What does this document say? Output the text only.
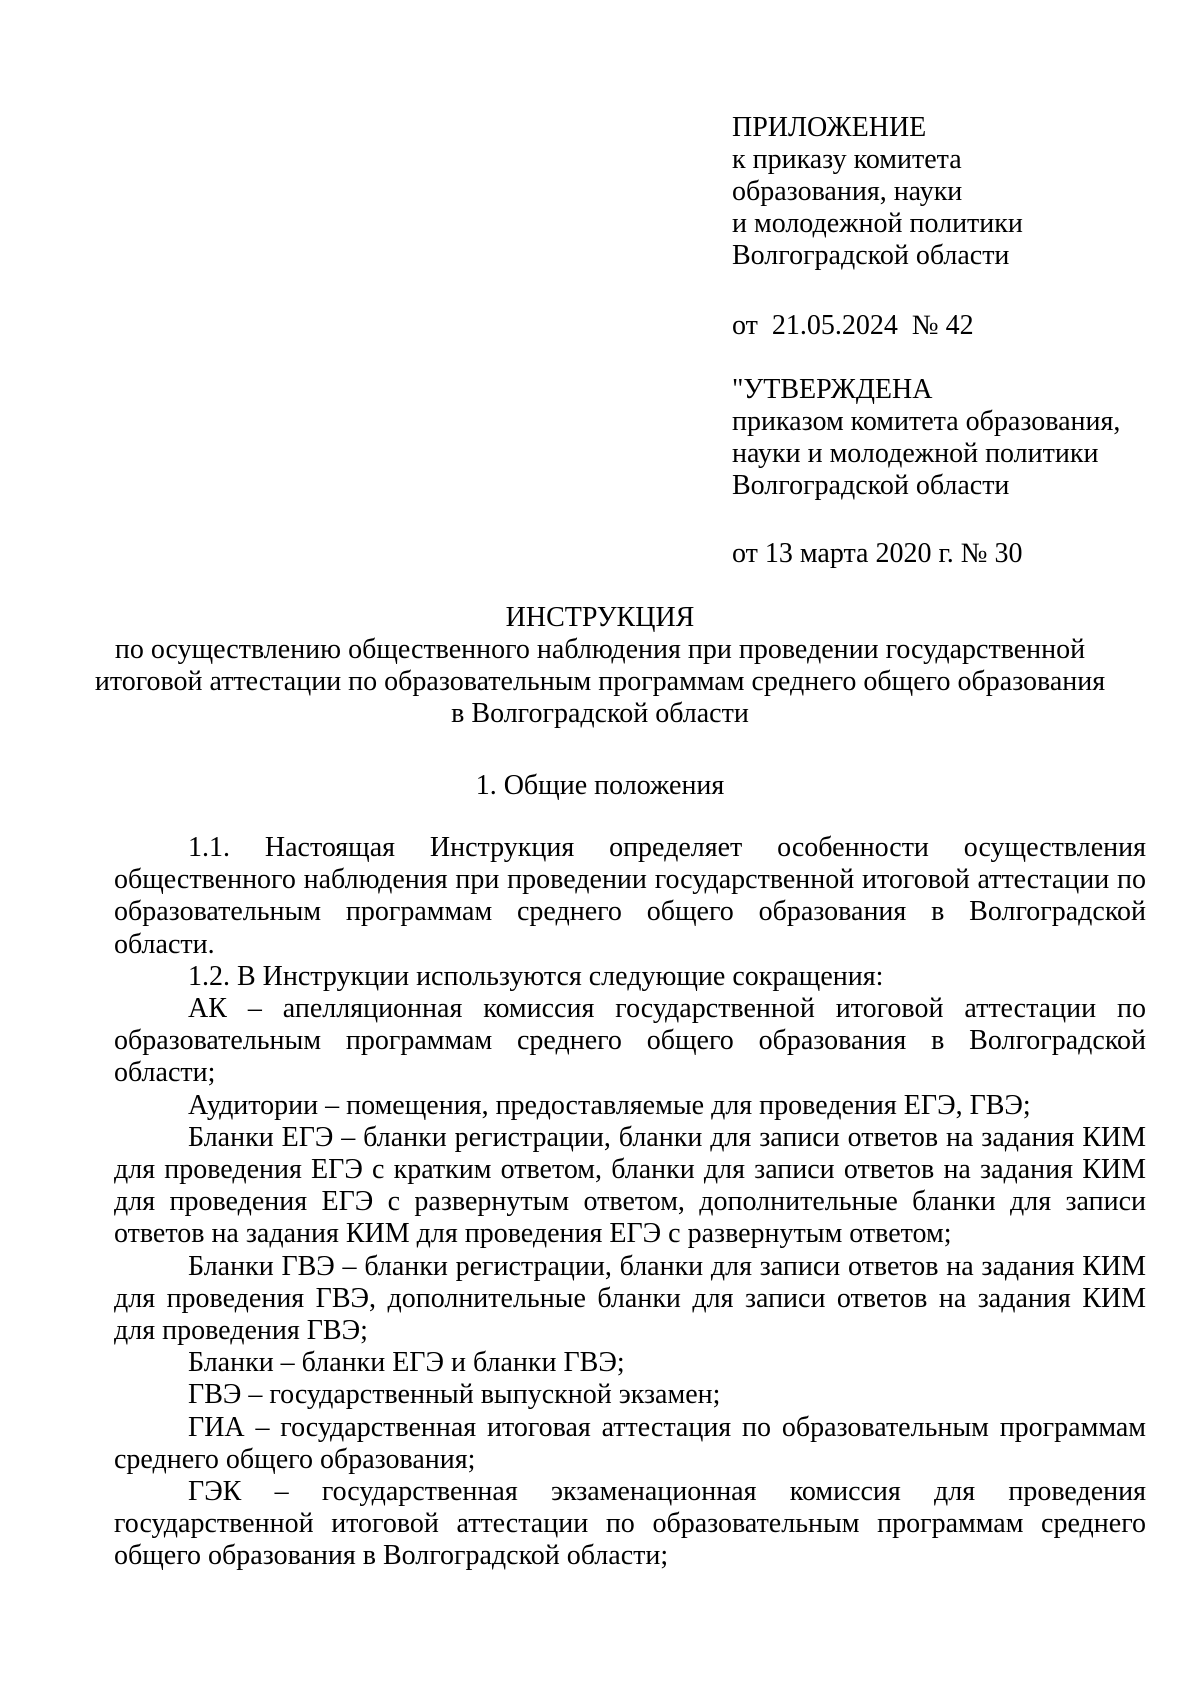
ПРИЛОЖЕНИЕ
к приказу комитета
образования, науки
и молодежной политики
Волгоградской области
от  21.05.2024  № 42
"УТВЕРЖДЕНА
приказом комитета образования,
науки и молодежной политики
Волгоградской области
от 13 марта 2020 г. № 30
ИНСТРУКЦИЯ
по осуществлению общественного наблюдения при проведении государственной
итоговой аттестации по образовательным программам среднего общего образования
в Волгоградской области
1. Общие положения

1.1. Настоящая Инструкция определяет особенности осуществления общественного наблюдения при проведении государственной итоговой аттестации по образовательным программам среднего общего образования в Волгоградской области.

1.2. В Инструкции используются следующие сокращения:

АК – апелляционная комиссия государственной итоговой аттестации по образовательным программам среднего общего образования в Волгоградской области;

Аудитории – помещения, предоставляемые для проведения ЕГЭ, ГВЭ;

Бланки ЕГЭ – бланки регистрации, бланки для записи ответов на задания КИМ для проведения ЕГЭ с кратким ответом, бланки для записи ответов на задания КИМ для проведения ЕГЭ с развернутым ответом, дополнительные бланки для записи ответов на задания КИМ для проведения ЕГЭ с развернутым ответом;

Бланки ГВЭ – бланки регистрации, бланки для записи ответов на задания КИМ для проведения ГВЭ, дополнительные бланки для записи ответов на задания КИМ для проведения ГВЭ;

Бланки – бланки ЕГЭ и бланки ГВЭ;

ГВЭ – государственный выпускной экзамен;

ГИА – государственная итоговая аттестация по образовательным программам среднего общего образования;

ГЭК – государственная экзаменационная комиссия для проведения государственной итоговой аттестации по образовательным программам среднего общего образования в Волгоградской области;
